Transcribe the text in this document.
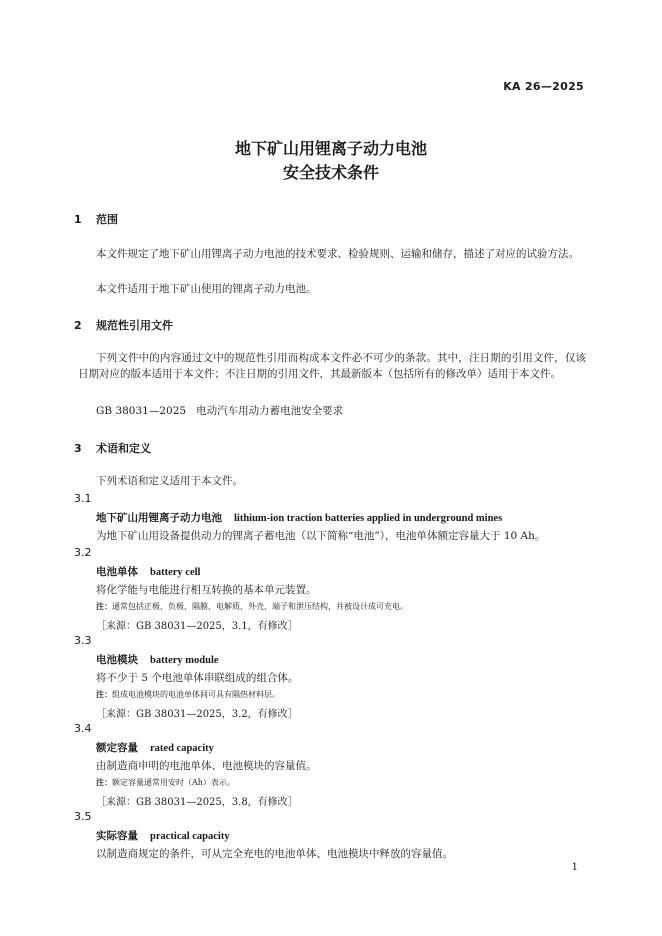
KA 26—2025
地下矿山用锂离子动力电池
安全技术条件
1 范围
本文件规定了地下矿山用锂离子动力电池的技术要求、检验规则、运输和储存，描述了对应的试验方法。
本文件适用于地下矿山使用的锂离子动力电池。
2 规范性引用文件
下列文件中的内容通过文中的规范性引用而构成本文件必不可少的条款。其中，注日期的引用文件，仅该日期对应的版本适用于本文件；不注日期的引用文件，其最新版本（包括所有的修改单）适用于本文件。
GB 38031—2025 电动汽车用动力蓄电池安全要求
3 术语和定义
下列术语和定义适用于本文件。
3.1
地下矿山用锂离子动力电池 lithium-ion traction batteries applied in underground mines
为地下矿山用设备提供动力的锂离子蓄电池（以下简称“电池”），电池单体额定容量大于 10 Ah。
3.2
电池单体 battery cell
将化学能与电能进行相互转换的基本单元装置。
注：通常包括正极、负极、隔膜、电解质、外壳、端子和泄压结构，并被设计成可充电。
［来源：GB 38031—2025，3.1，有修改］
3.3
电池模块 battery module
将不少于 5 个电池单体串联组成的组合体。
注：组成电池模块的电池单体间可具有隔热材料层。
［来源：GB 38031—2025，3.2，有修改］
3.4
额定容量 rated capacity
由制造商申明的电池单体、电池模块的容量值。
注：额定容量通常用安时（Ah）表示。
［来源：GB 38031—2025，3.8，有修改］
3.5
实际容量 practical capacity
以制造商规定的条件，可从完全充电的电池单体、电池模块中释放的容量值。
1
